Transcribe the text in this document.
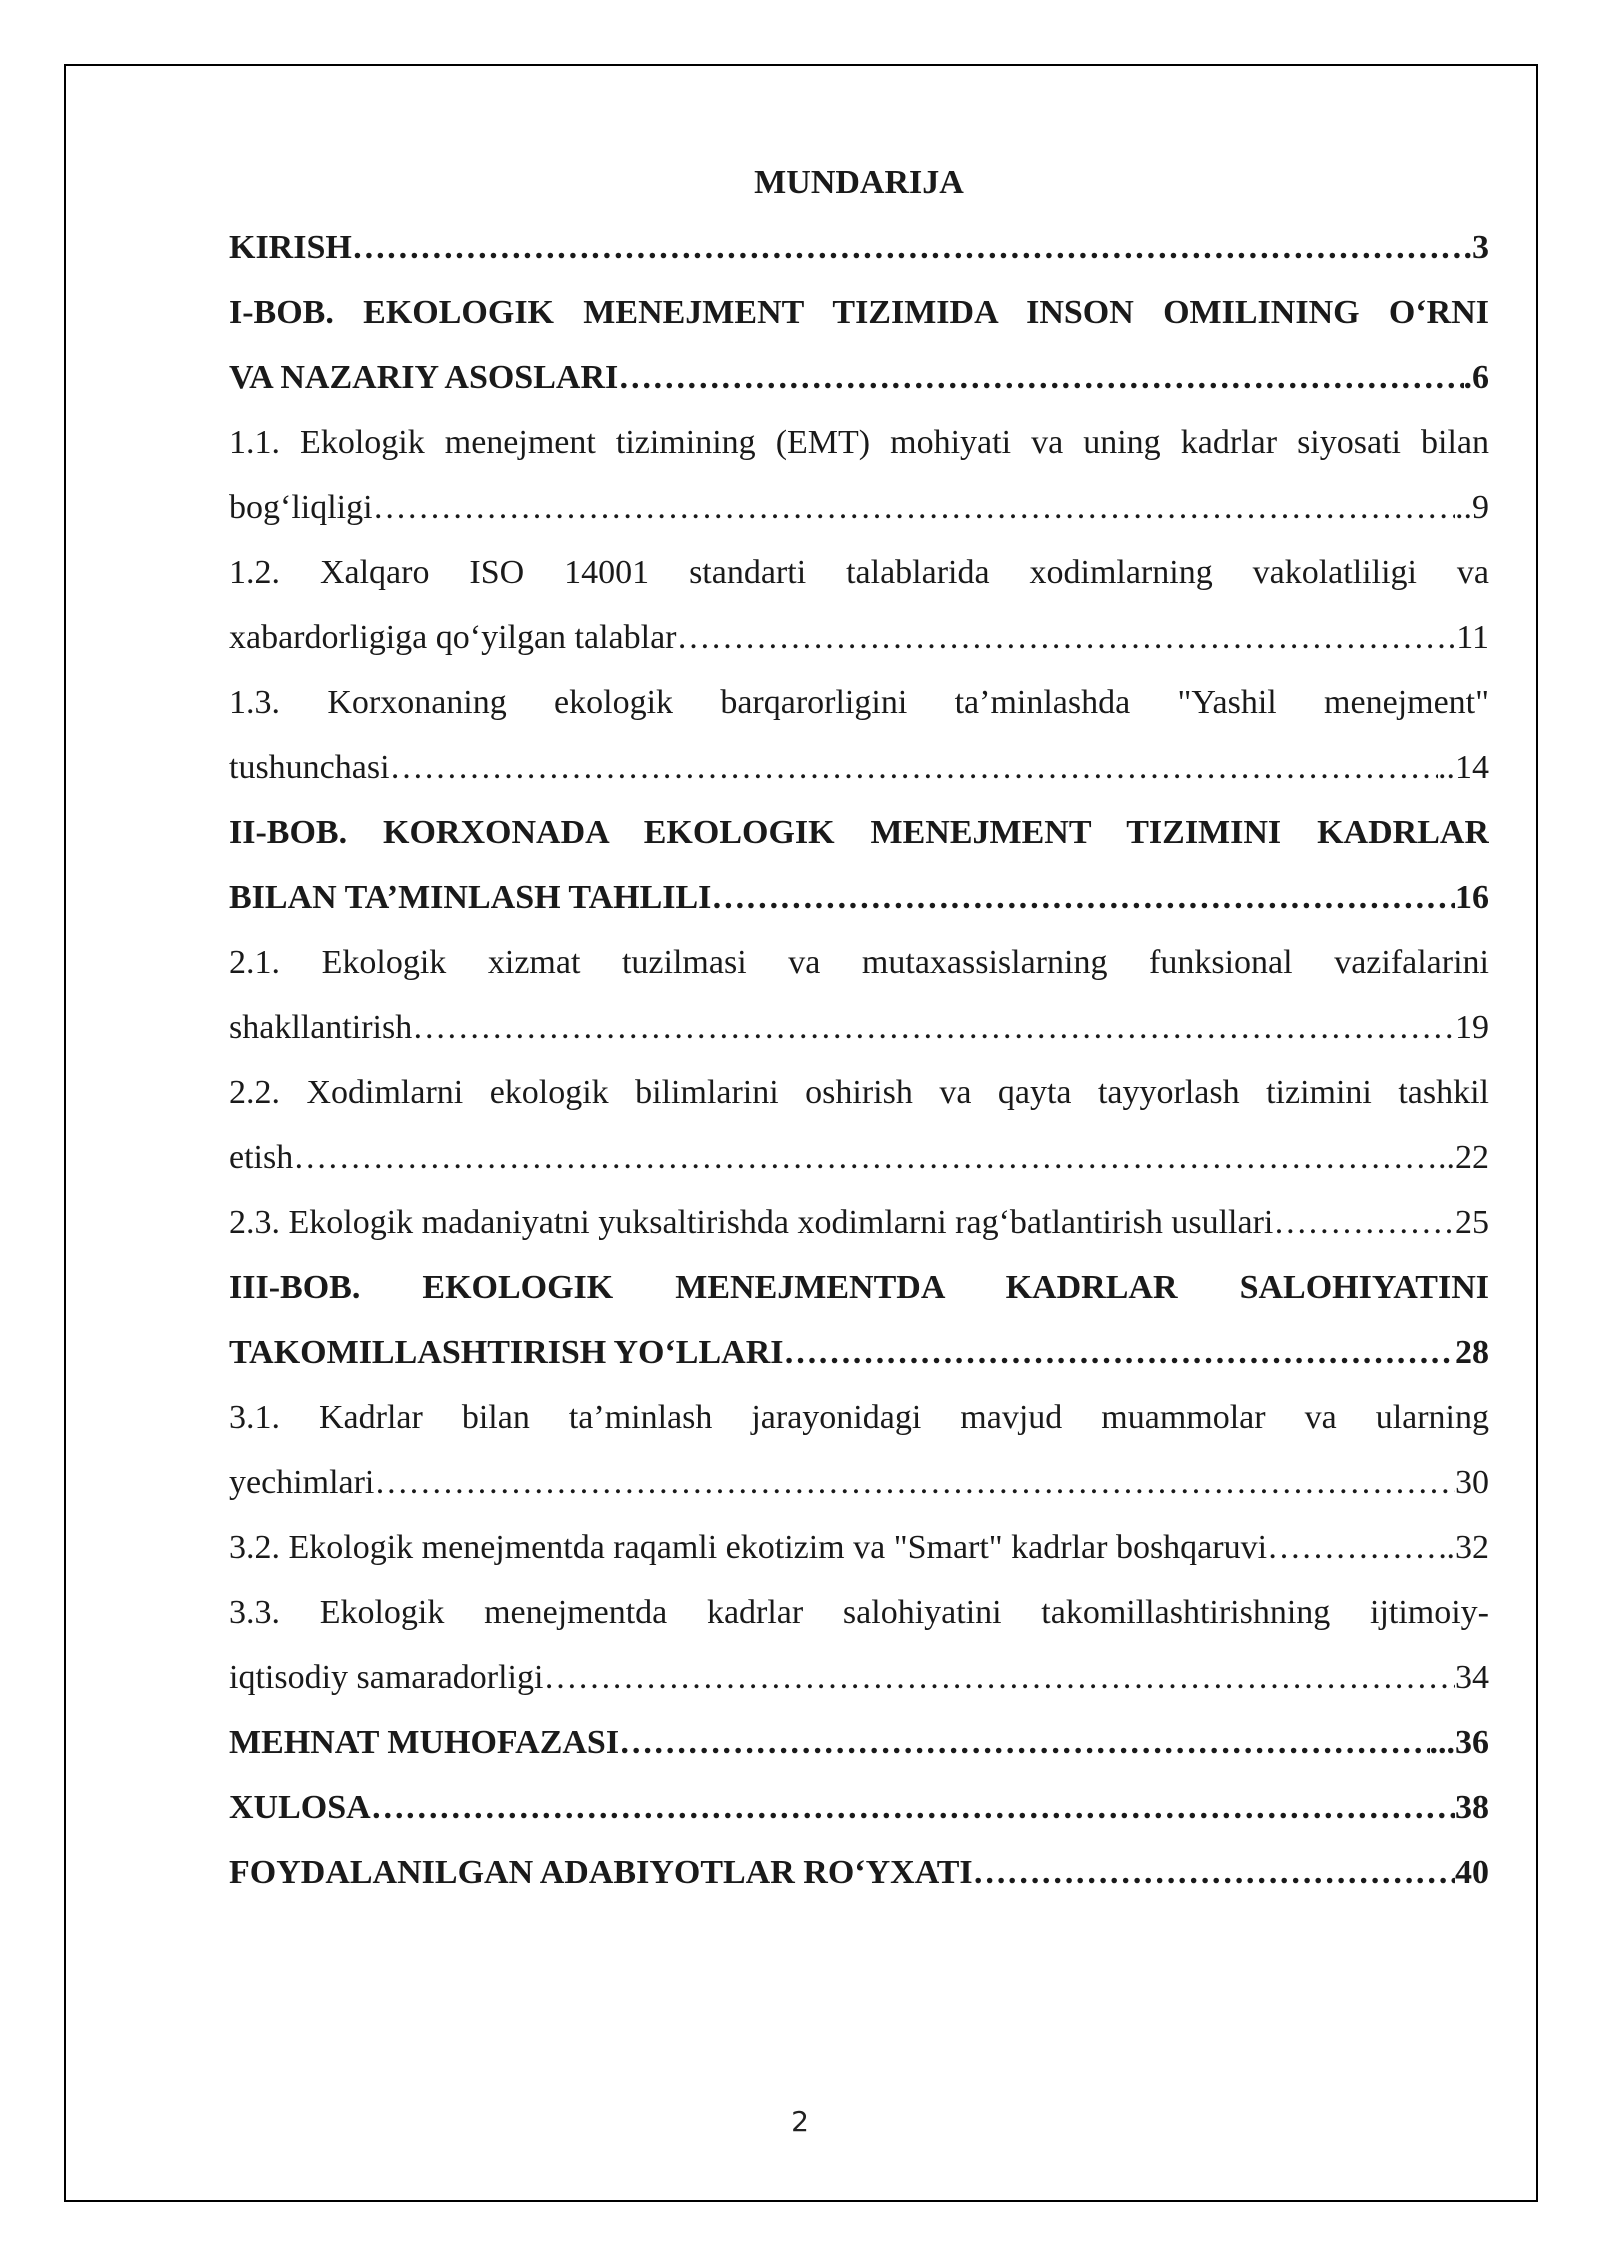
MUNDARIJA
KIRISH ……………………………………………………………………………………………………………………………………………………………………………………………………	.3
I-BOB. EKOLOGIK MENEJMENT TIZIMIDA INSON OMILINING O‘RNI
VA NAZARIY ASOSLARI ……………………………………………………………………………………………………………………………………………………………………………………………………	.6
1.1. Ekologik menejment tizimining (EMT) mohiyati va uning kadrlar siyosati bilan
bog‘liqligi ……………………………………………………………………………………………………………………………………………………………………………………………………	..9
1.2. Xalqaro ISO 14001 standarti talablarida xodimlarning vakolatliligi va
xabardorligiga qo‘yilgan talablar ……………………………………………………………………………………………………………………………………………………………………………………………………	.11
1.3. Korxonaning ekologik barqarorligini ta’minlashda "Yashil menejment"
tushunchasi ……………………………………………………………………………………………………………………………………………………………………………………………………	..14
II-BOB. KORXONADA EKOLOGIK MENEJMENT TIZIMINI KADRLAR
BILAN TA’MINLASH TAHLILI ……………………………………………………………………………………………………………………………………………………………………………………………………	16
2.1. Ekologik xizmat tuzilmasi va mutaxassislarning funksional vazifalarini
shakllantirish ……………………………………………………………………………………………………………………………………………………………………………………………………	19
2.2. Xodimlarni ekologik bilimlarini oshirish va qayta tayyorlash tizimini tashkil
etish ……………………………………………………………………………………………………………………………………………………………………………………………………	..22
2.3. Ekologik madaniyatni yuksaltirishda xodimlarni rag‘batlantirish usullari ……………………………………………………………………………………………………………………………………………………………………………………………………	25
III-BOB. EKOLOGIK MENEJMENTDA KADRLAR SALOHIYATINI
TAKOMILLASHTIRISH YO‘LLARI ……………………………………………………………………………………………………………………………………………………………………………………………………	28
3.1. Kadrlar bilan ta’minlash jarayonidagi mavjud muammolar va ularning
yechimlari ……………………………………………………………………………………………………………………………………………………………………………………………………	30
3.2. Ekologik menejmentda raqamli ekotizim va "Smart" kadrlar boshqaruvi ……………………………………………………………………………………………………………………………………………………………………………………………………	.32
3.3. Ekologik menejmentda kadrlar salohiyatini takomillashtirishning ijtimoiy-
iqtisodiy samaradorligi ……………………………………………………………………………………………………………………………………………………………………………………………………	34
MEHNAT MUHOFAZASI ……………………………………………………………………………………………………………………………………………………………………………………………………	...36
XULOSA ……………………………………………………………………………………………………………………………………………………………………………………………………	38
FOYDALANILGAN ADABIYOTLAR RO‘YXATI ……………………………………………………………………………………………………………………………………………………………………………………………………	40
2
